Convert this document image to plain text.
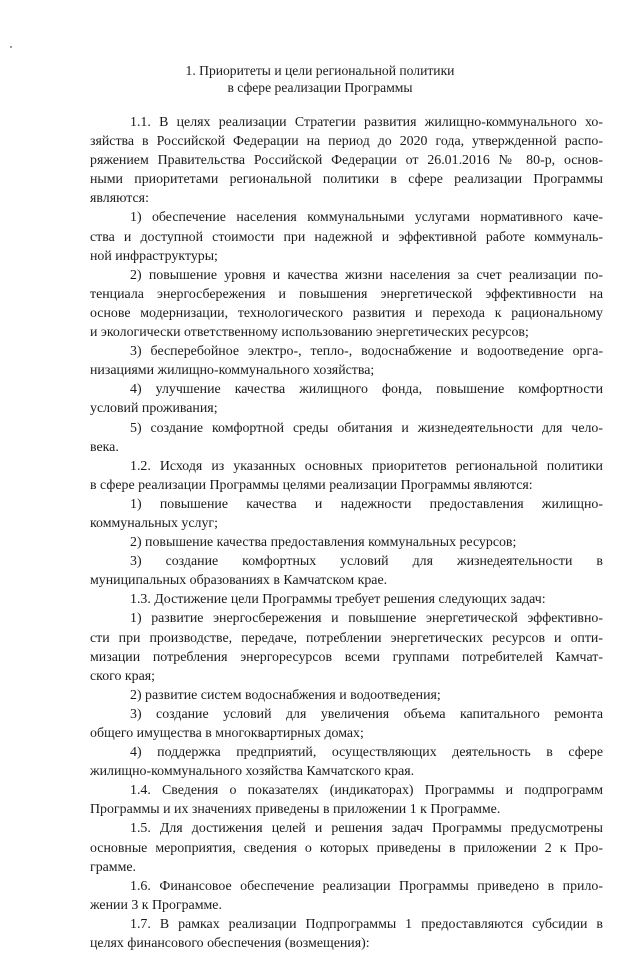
1. Приоритеты и цели региональной политики
в сфере реализации Программы
1.1. В целях реализации Стратегии развития жилищно-коммунального хо-
зяйства в Российской Федерации на период до 2020 года, утвержденной распо-
ряжением Правительства Российской Федерации от 26.01.2016 № 80-р, основ-
ными приоритетами региональной политики в сфере реализации Программы
являются:
1) обеспечение населения коммунальными услугами нормативного каче-
ства и доступной стоимости при надежной и эффективной работе коммуналь-
ной инфраструктуры;
2) повышение уровня и качества жизни населения за счет реализации по-
тенциала энергосбережения и повышения энергетической эффективности на
основе модернизации, технологического развития и перехода к рациональному
и экологически ответственному использованию энергетических ресурсов;
3) бесперебойное электро-, тепло-, водоснабжение и водоотведение орга-
низациями жилищно-коммунального хозяйства;
4) улучшение качества жилищного фонда, повышение комфортности
условий проживания;
5) создание комфортной среды обитания и жизнедеятельности для чело-
века.
1.2. Исходя из указанных основных приоритетов региональной политики
в сфере реализации Программы целями реализации Программы являются:
1) повышение качества и надежности предоставления жилищно-
коммунальных услуг;
2) повышение качества предоставления коммунальных ресурсов;
3) создание комфортных условий для жизнедеятельности в
муниципальных образованиях в Камчатском крае.
1.3. Достижение цели Программы требует решения следующих задач:
1) развитие энергосбережения и повышение энергетической эффективно-
сти при производстве, передаче, потреблении энергетических ресурсов и опти-
мизации потребления энергоресурсов всеми группами потребителей Камчат-
ского края;
2) развитие систем водоснабжения и водоотведения;
3) создание условий для увеличения объема капитального ремонта
общего имущества в многоквартирных домах;
4) поддержка предприятий, осуществляющих деятельность в сфере
жилищно-коммунального хозяйства Камчатского края.
1.4. Сведения о показателях (индикаторах) Программы и подпрограмм
Программы и их значениях приведены в приложении 1 к Программе.
1.5. Для достижения целей и решения задач Программы предусмотрены
основные мероприятия, сведения о которых приведены в приложении 2 к Про-
грамме.
1.6. Финансовое обеспечение реализации Программы приведено в прило-
жении 3 к Программе.
1.7. В рамках реализации Подпрограммы 1 предоставляются субсидии в
целях финансового обеспечения (возмещения):
